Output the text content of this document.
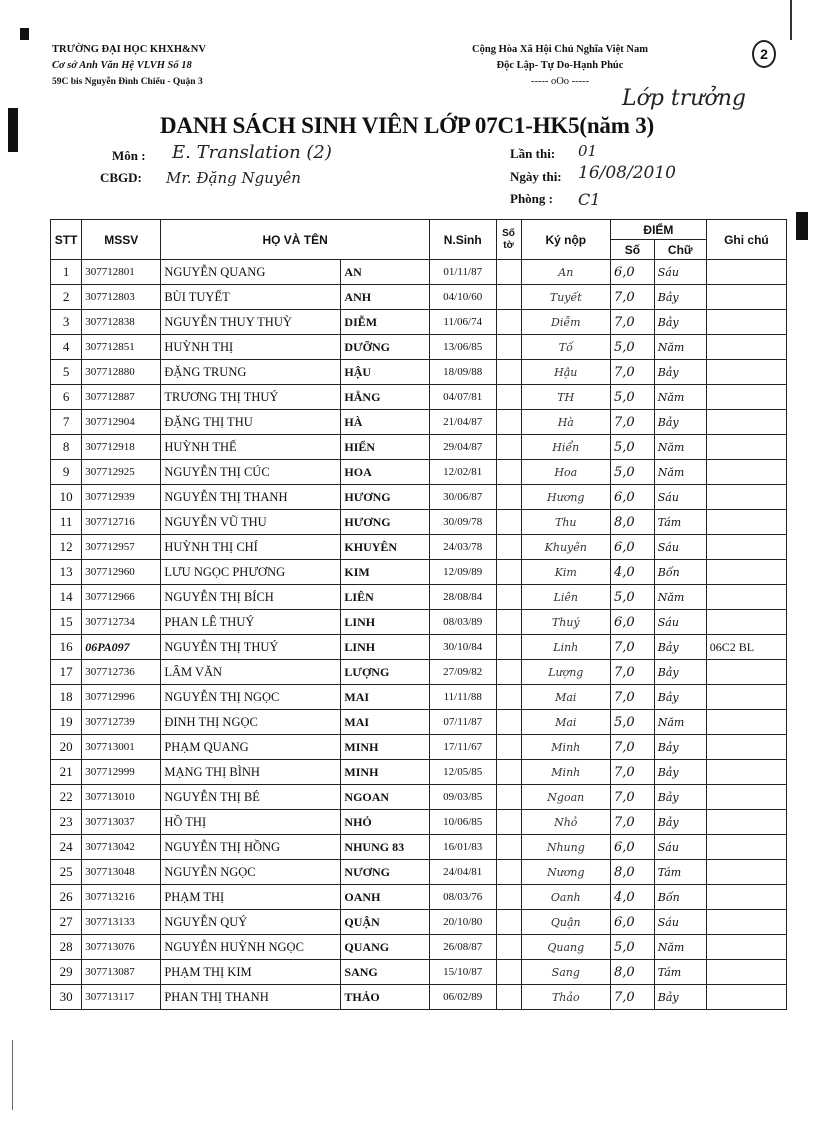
TRƯỜNG ĐẠI HỌC KHXH&NV
Cơ sở Anh Văn Hệ VLVH Số 18
59C bis Nguyễn Đình Chiểu - Quận 3
Cộng Hòa Xã Hội Chủ Nghĩa Việt Nam
Độc Lập- Tự Do-Hạnh Phúc
----- oOo -----
2
Lớp trưởng
DANH SÁCH SINH VIÊN LỚP 07C1-HK5(năm 3)
Môn : E. Translation (2)
CBGD: Mr. Đặng Nguyên
Lần thi: 01
Ngày thi: 16/08/2010
Phòng : C1
STT	MSSV	HỌ VÀ TÊN		N.Sinh	Số tờ	Ký nộp	ĐIỂM		Ghi chú
							Số	Chữ	
1	307712801	NGUYỄN QUANG	AN	01/11/87		An	6,0	Sáu	
2	307712803	BÙI TUYẾT	ANH	04/10/60		Tuyết	7,0	Bảy	
3	307712838	NGUYỄN THUY THUỲ	DIỄM	11/06/74		Diễm	7,0	Bảy	
4	307712851	HUỲNH THỊ	DƯỠNG	13/06/85		Tố	5,0	Năm	
5	307712880	ĐẶNG TRUNG	HẬU	18/09/88		Hậu	7,0	Bảy	
6	307712887	TRƯƠNG THỊ THUÝ	HẰNG	04/07/81		TH	5,0	Năm	
7	307712904	ĐẶNG THỊ THU	HÀ	21/04/87		Hà	7,0	Bảy	
8	307712918	HUỲNH THẾ	HIỂN	29/04/87		Hiển	5,0	Năm	
9	307712925	NGUYỄN THỊ CÚC	HOA	12/02/81		Hoa	5,0	Năm	
10	307712939	NGUYỄN THỊ THANH	HƯƠNG	30/06/87		Hương	6,0	Sáu	
11	307712716	NGUYỄN VŨ THU	HƯƠNG	30/09/78		Thu	8,0	Tám	
12	307712957	HUỲNH THỊ CHÍ	KHUYÊN	24/03/78		Khuyên	6,0	Sáu	
13	307712960	LƯU NGỌC PHƯƠNG	KIM	12/09/89		Kim	4,0	Bốn	
14	307712966	NGUYỄN THỊ BÍCH	LIÊN	28/08/84		Liên	5,0	Năm	
15	307712734	PHAN LÊ THUÝ	LINH	08/03/89		Thuý	6,0	Sáu	
16	06PA097	NGUYỄN THỊ THUÝ	LINH	30/10/84		Linh	7,0	Bảy	06C2 BL
17	307712736	LÂM VĂN	LƯỢNG	27/09/82		Lượng	7,0	Bảy	
18	307712996	NGUYỄN THỊ NGỌC	MAI	11/11/88		Mai	7,0	Bảy	
19	307712739	ĐINH THỊ NGỌC	MAI	07/11/87		Mai	5,0	Năm	
20	307713001	PHẠM QUANG	MINH	17/11/67		Minh	7,0	Bảy	
21	307712999	MẠNG THỊ BÌNH	MINH	12/05/85		Minh	7,0	Bảy	
22	307713010	NGUYỄN THỊ BÉ	NGOAN	09/03/85		Ngoan	7,0	Bảy	
23	307713037	HỒ THỊ	NHỎ	10/06/85		Nhỏ	7,0	Bảy	
24	307713042	NGUYỄN THỊ HỒNG	NHUNG 83	16/01/83		Nhung	6,0	Sáu	
25	307713048	NGUYỄN NGỌC	NƯƠNG	24/04/81		Nương	8,0	Tám	
26	307713216	PHẠM THỊ	OANH	08/03/76		Oanh	4,0	Bốn	
27	307713133	NGUYỄN QUÝ	QUẬN	20/10/80		Quận	6,0	Sáu	
28	307713076	NGUYỄN HUỲNH NGỌC	QUANG	26/08/87		Quang	5,0	Năm	
29	307713087	PHẠM THỊ KIM	SANG	15/10/87		Sang	8,0	Tám	
30	307713117	PHAN THỊ THANH	THẢO	06/02/89		Thảo	7,0	Bảy	
